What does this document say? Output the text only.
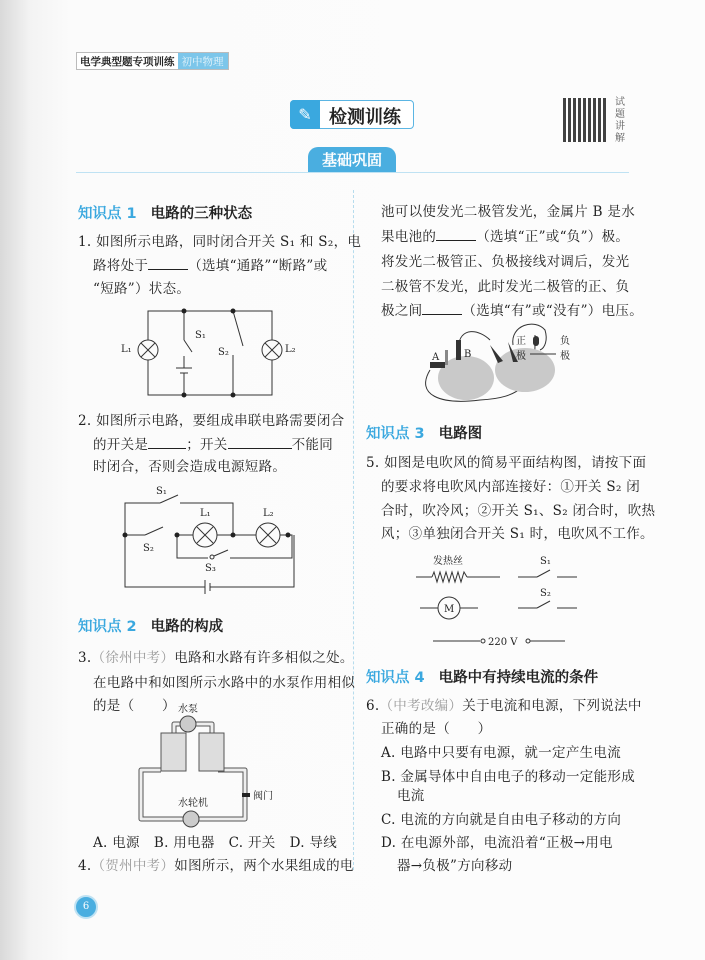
电学典型题专项训练 初中物理
✎ 检测训练
试
题
讲
解
基础巩固
知识点 1 电路的三种状态
1. 如图所示电路，同时闭合开关 S₁ 和 S₂，电
路将处于	（选填“通路”“断路”或
“短路”）状态。
L₁	L₂
S₁
S₂
2. 如图所示电路，要组成串联电路需要闭合
的开关是	；开关	不能同
时闭合，否则会造成电源短路。
S₁
S₂
S₃
L₁	L₂
知识点 2 电路的构成
3.（徐州中考）电路和水路有许多相似之处。
在电路中和如图所示水路中的水泵作用相似
的是（　　） 水泵
水轮机
阀门
A. 电源 B. 用电器 C. 开关 D. 导线
4.（贺州中考）如图所示，两个水果组成的电
6
池可以使发光二极管发光，金属片 B 是水
果电池的	（选填“正”或“负”）极。
将发光二极管正、负极接线对调后，发光
二极管不发光，此时发光二极管的正、负
极之间	（选填“有”或“没有”）电压。
A B
正
极
负
极
知识点 3 电路图
5. 如图是电吹风的简易平面结构图，请按下面
的要求将电吹风内部连接好：①开关 S₂ 闭
合时，吹冷风；②开关 S₁、S₂ 闭合时，吹热
风；③单独闭合开关 S₁ 时，电吹风不工作。
发热丝
M
S₁
S₂
220 V
知识点 4 电路中有持续电流的条件
6.（中考改编）关于电流和电源，下列说法中
正确的是（　　）
A. 电路中只要有电源，就一定产生电流
B. 金属导体中自由电子的移动一定能形成
电流
C. 电流的方向就是自由电子移动的方向
D. 在电源外部，电流沿着“正极→用电
器→负极”方向移动
